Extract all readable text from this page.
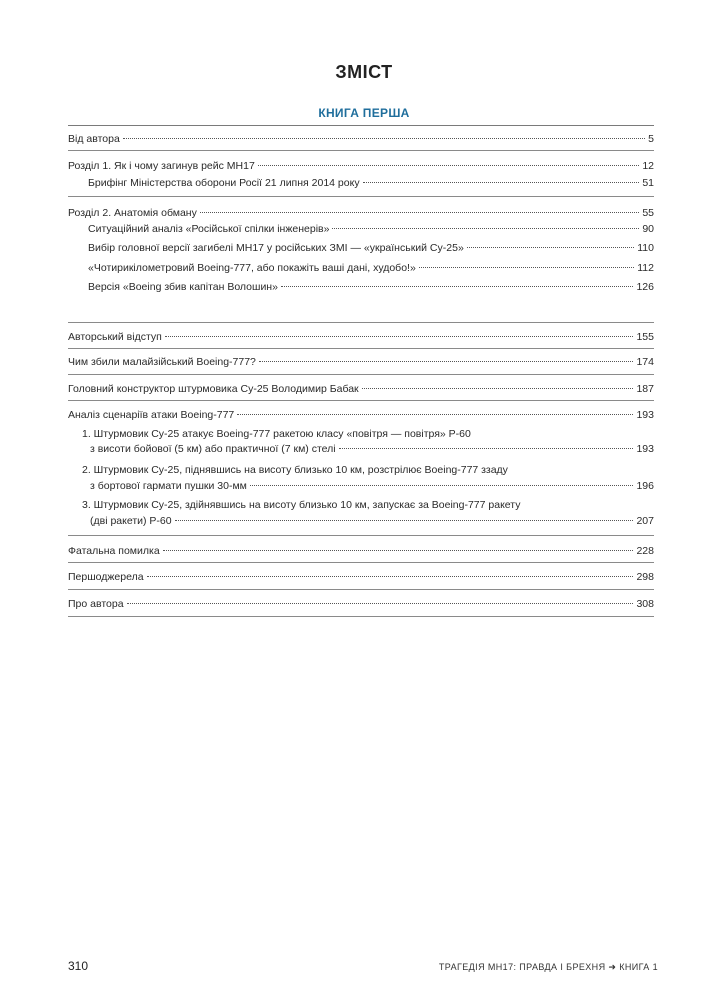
ЗМІСТ
КНИГА ПЕРША
Від автора	5
Розділ 1. Як і чому загинув рейс МН17	12
Брифінг Міністерства оборони Росії 21 липня 2014 року	51
Розділ 2. Анатомія обману	55
Ситуаційний аналіз «Російської спілки інженерів»	90
Вибір головної версії загибелі МН17 у російських ЗМІ — «український Су-25»	110
«Чотирикілометровий Boeing-777, або покажіть ваші дані, худобо!»	112
Версія «Boeing збив капітан Волошин»	126
Авторський відступ	155
Чим збили малайзійський Boeing-777?	174
Головний конструктор штурмовика Су-25 Володимир Бабак	187
Аналіз сценаріїв атаки Boeing-777	193
1. Штурмовик Су-25 атакує Boeing-777 ракетою класу «повітря — повітря» Р-60
з висоти бойової (5 км) або практичної (7 км) стелі	193
2. Штурмовик Су-25, піднявшись на висоту близько 10 км, розстрілює Boeing-777 ззаду
з бортової гармати пушки 30-мм	196
3. Штурмовик Су-25, здійнявшись на висоту близько 10 км, запускає за Boeing-777 ракету
(дві ракети) Р-60	207
Фатальна помилка	228
Першоджерела	298
Про автора	308
310	ТРАГЕДІЯ МН17: ПРАВДА І БРЕХНЯ ➜ КНИГА 1
